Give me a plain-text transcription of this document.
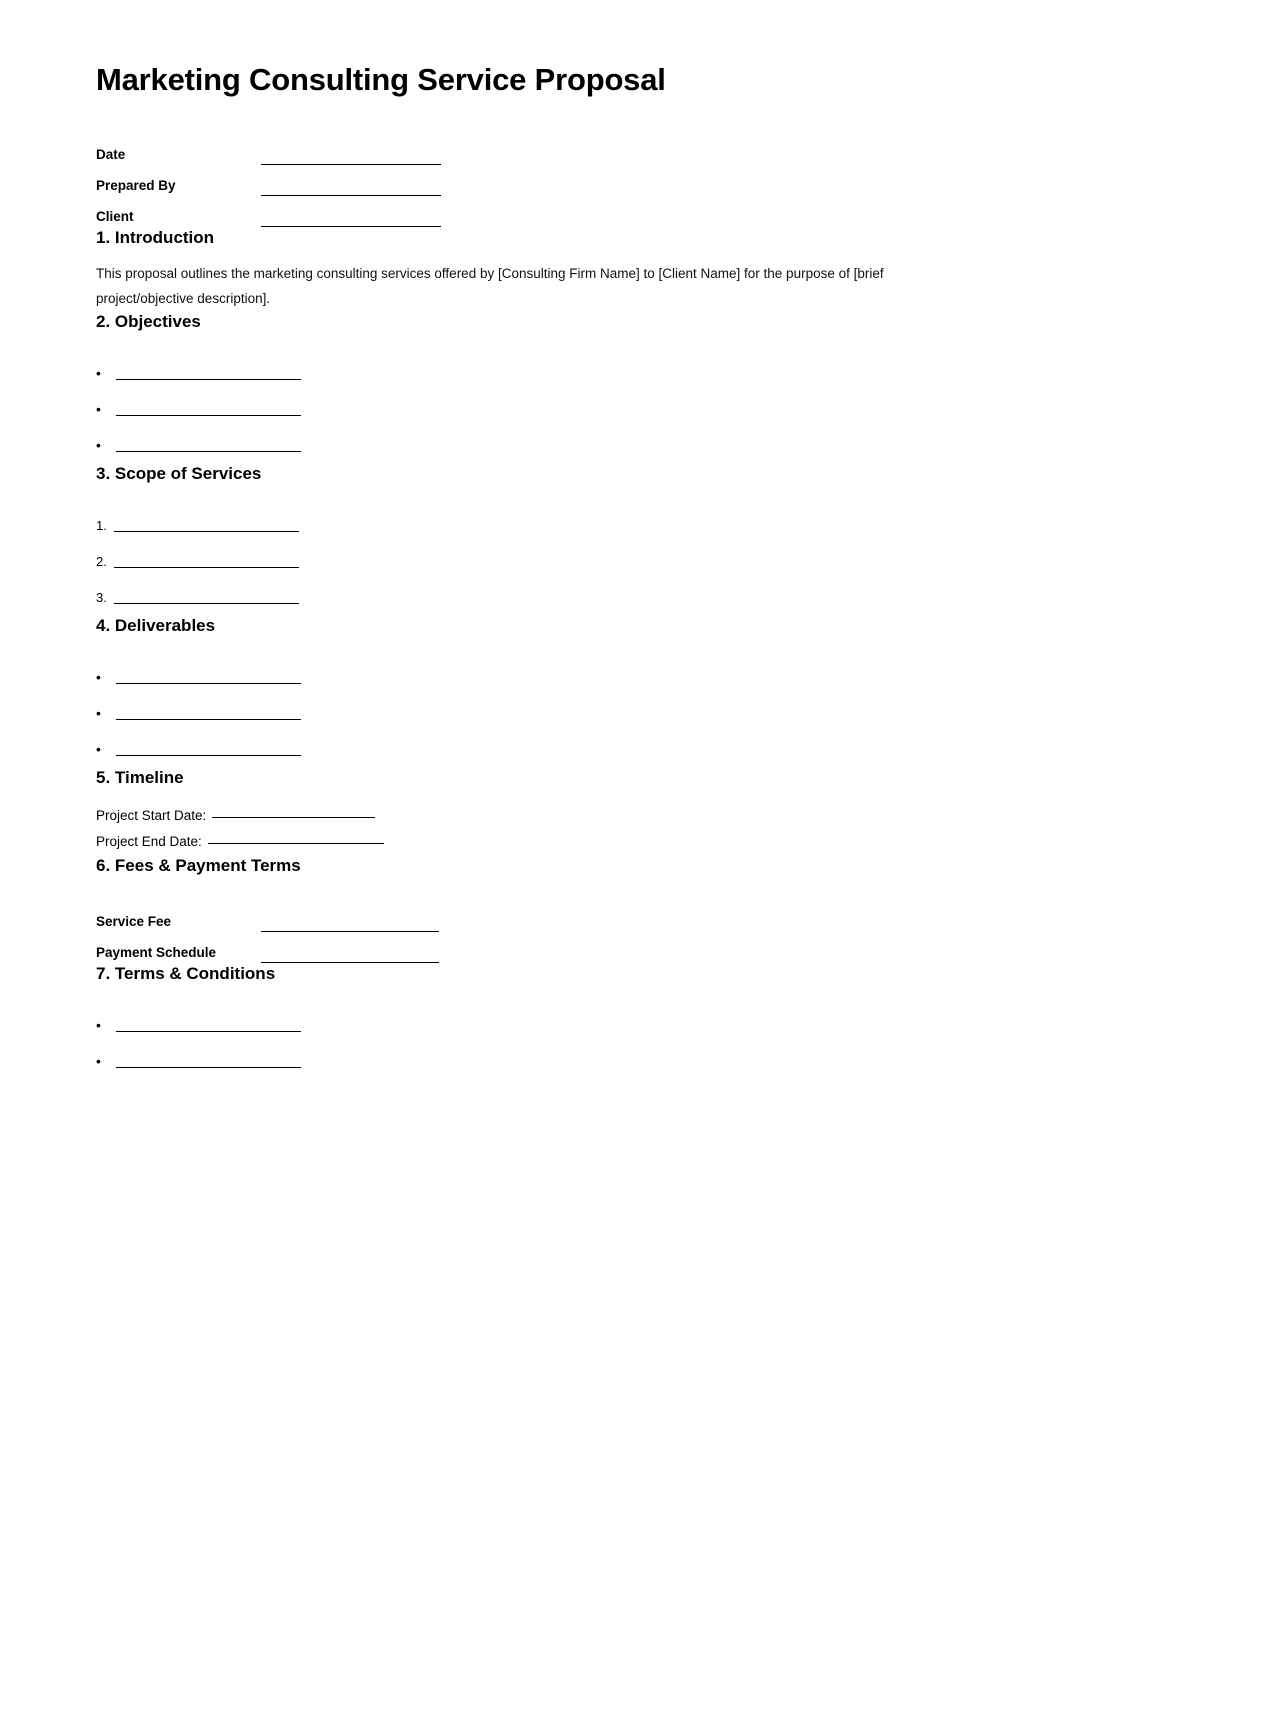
Marketing Consulting Service Proposal
Date
Prepared By
Client
1. Introduction

This proposal outlines the marketing consulting services offered by [Consulting Firm Name] to [Client Name] for the purpose of [brief project/objective description].

2. Objectives
•
•
•
3. Scope of Services
1.
2.
3.
4. Deliverables
•
•
•
5. Timeline
Project Start Date:
Project End Date:
6. Fees & Payment Terms
Service Fee
Payment Schedule
7. Terms & Conditions
•
•
